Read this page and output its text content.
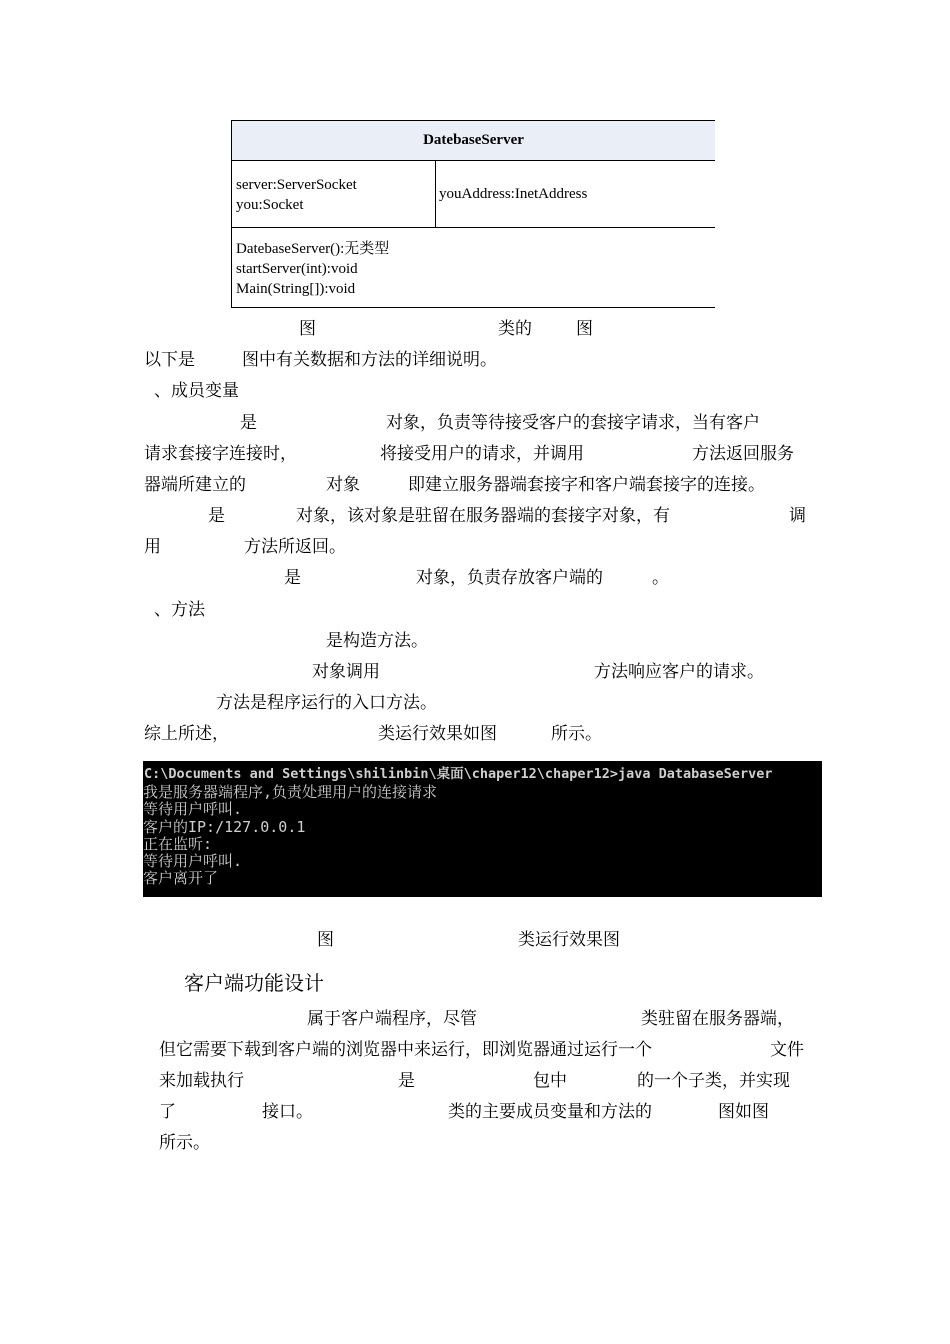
DatebaseServer
server:ServerSocket
you:Socket
youAddress:InetAddress
DatebaseServer():无类型
startServer(int):void
Main(String[]):void
图	类的	图
以下是	图中有关数据和方法的详细说明。
、成员变量
是	对象，负责等待接受客户的套接字请求，当有客户
请求套接字连接时，	将接受用户的请求，并调用	方法返回服务
器端所建立的	对象	即建立服务器端套接字和客户端套接字的连接。
是	对象，该对象是驻留在服务器端的套接字对象，有	调
用	方法所返回。
是	对象，负责存放客户端的	。
、方法
是构造方法。
对象调用	方法响应客户的请求。
方法是程序运行的入口方法。
综上所述，	类运行效果如图	所示。
C:\Documents and Settings\shilinbin\桌面\chaper12\chaper12>java DatabaseServer
我是服务器端程序,负责处理用户的连接请求
等待用户呼叫.
客户的IP:/127.0.0.1
正在监听:
等待用户呼叫.
客户离开了
图	类运行效果图
客户端功能设计
属于客户端程序，尽管	类驻留在服务器端，
但它需要下载到客户端的浏览器中来运行，即浏览器通过运行一个	文件
来加载执行	是	包中	的一个子类，并实现
了	接口。	类的主要成员变量和方法的	图如图
所示。
